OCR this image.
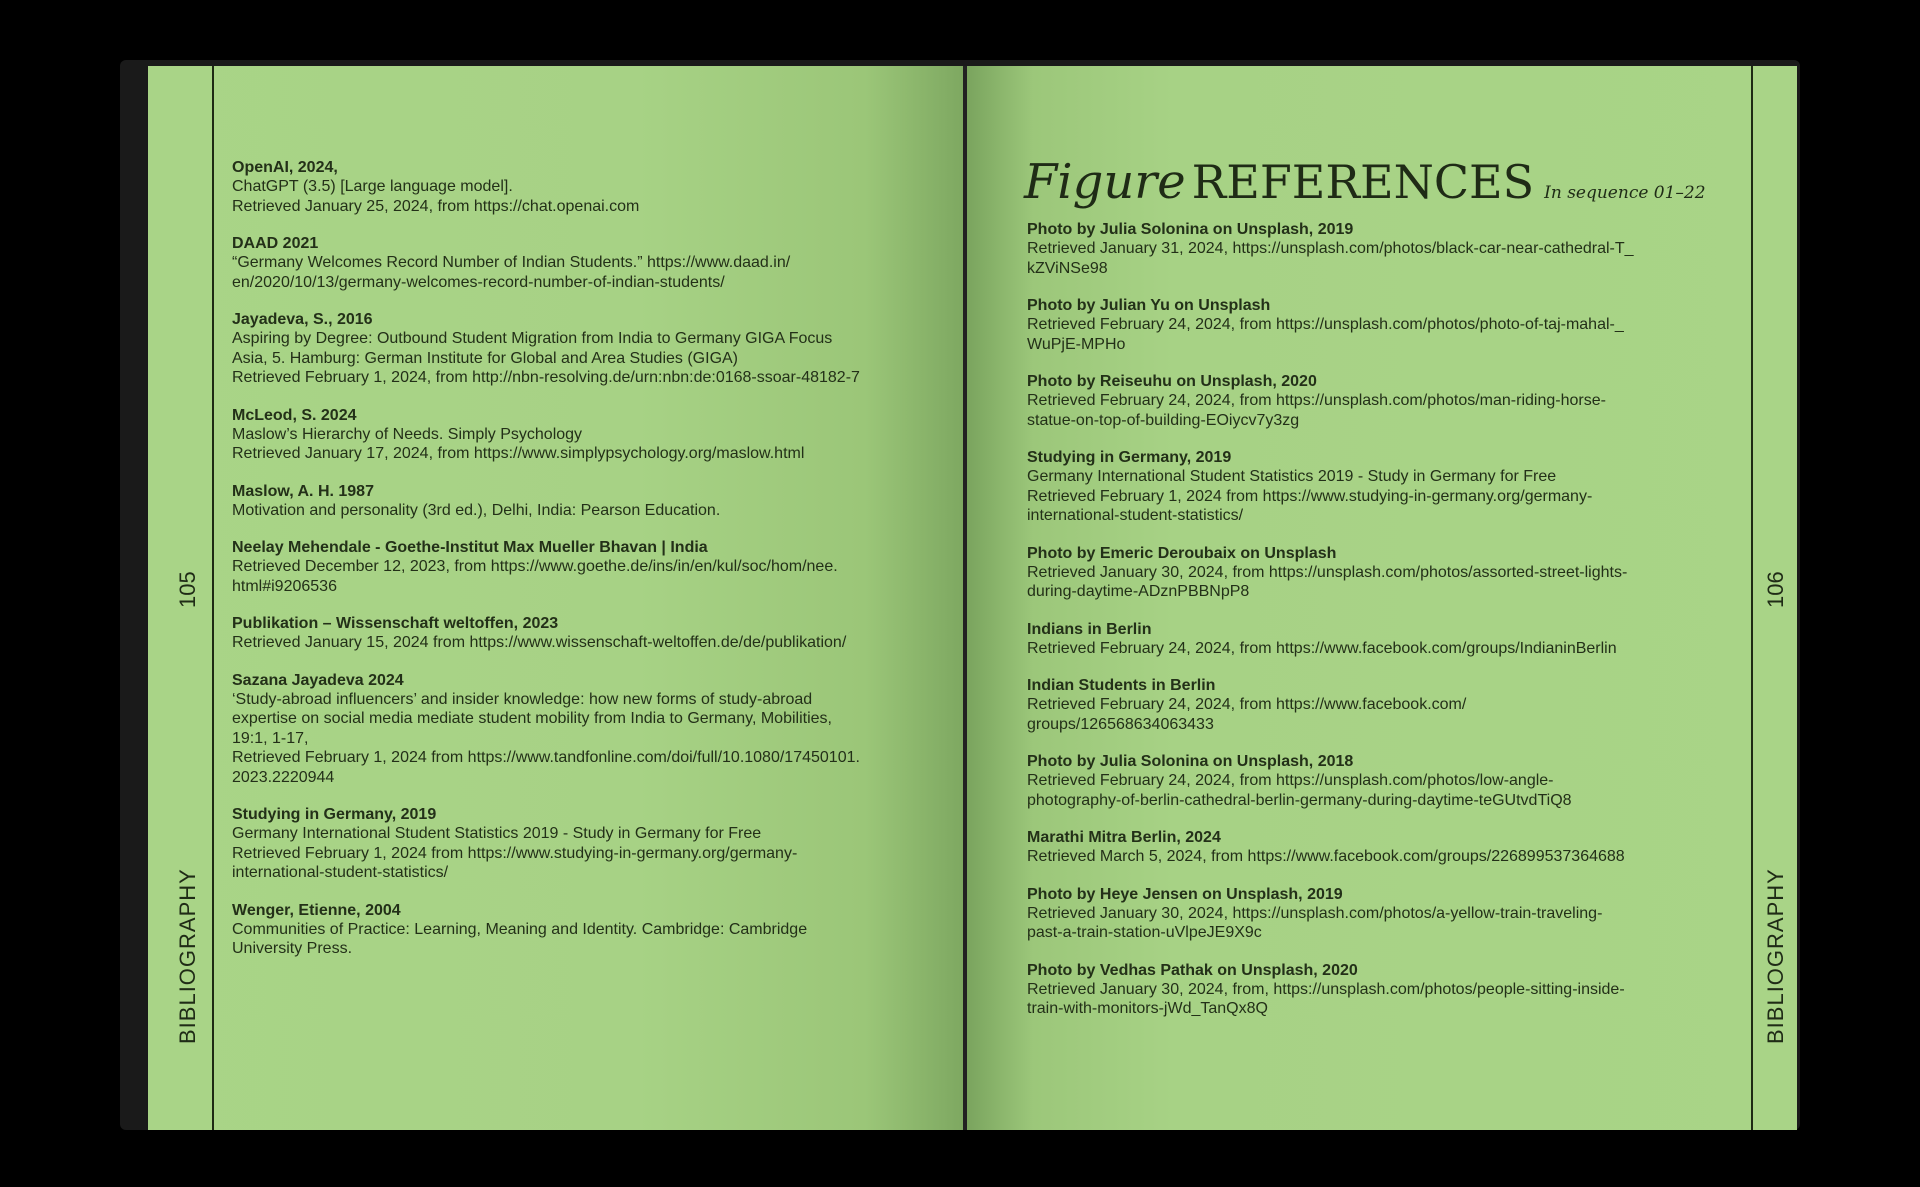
105
BIBLIOGRAPHY
OpenAI, 2024,
ChatGPT (3.5) [Large language model].
Retrieved January 25, 2024, from https://chat.openai.com
DAAD 2021
“Germany Welcomes Record Number of Indian Students.” https://www.daad.in/
en/2020/10/13/germany-welcomes-record-number-of-indian-students/
Jayadeva, S., 2016
Aspiring by Degree: Outbound Student Migration from India to Germany GIGA Focus
Asia, 5. Hamburg: German Institute for Global and Area Studies (GIGA)
Retrieved February 1, 2024, from http://nbn-resolving.de/urn:nbn:de:0168-ssoar-48182-7
McLeod, S. 2024
Maslow’s Hierarchy of Needs. Simply Psychology
Retrieved January 17, 2024, from https://www.simplypsychology.org/maslow.html
Maslow, A. H. 1987
Motivation and personality (3rd ed.), Delhi, India: Pearson Education.
Neelay Mehendale - Goethe-Institut Max Mueller Bhavan | India
Retrieved December 12, 2023, from https://www.goethe.de/ins/in/en/kul/soc/hom/nee.
html#i9206536
Publikation – Wissenschaft weltoffen, 2023
Retrieved January 15, 2024 from https://www.wissenschaft-weltoffen.de/de/publikation/
Sazana Jayadeva 2024
‘Study-abroad influencers’ and insider knowledge: how new forms of study-abroad
expertise on social media mediate student mobility from India to Germany, Mobilities,
19:1, 1-17,
Retrieved February 1, 2024 from https://www.tandfonline.com/doi/full/10.1080/17450101.
2023.2220944
Studying in Germany, 2019
Germany International Student Statistics 2019 - Study in Germany for Free
Retrieved February 1, 2024 from https://www.studying-in-germany.org/germany-
international-student-statistics/
Wenger, Etienne, 2004
Communities of Practice: Learning, Meaning and Identity. Cambridge: Cambridge
University Press.
106
BIBLIOGRAPHY
Figure REFERENCES In sequence 01–22
Photo by Julia Solonina on Unsplash, 2019
Retrieved January 31, 2024, https://unsplash.com/photos/black-car-near-cathedral-T_
kZViNSe98
Photo by Julian Yu on Unsplash
Retrieved February 24, 2024, from https://unsplash.com/photos/photo-of-taj-mahal-_
WuPjE-MPHo
Photo by Reiseuhu on Unsplash, 2020
Retrieved February 24, 2024, from https://unsplash.com/photos/man-riding-horse-
statue-on-top-of-building-EOiycv7y3zg
Studying in Germany, 2019
Germany International Student Statistics 2019 - Study in Germany for Free
Retrieved February 1, 2024 from https://www.studying-in-germany.org/germany-
international-student-statistics/
Photo by Emeric Deroubaix on Unsplash
Retrieved January 30, 2024, from https://unsplash.com/photos/assorted-street-lights-
during-daytime-ADznPBBNpP8
Indians in Berlin
Retrieved February 24, 2024, from https://www.facebook.com/groups/IndianinBerlin
Indian Students in Berlin
Retrieved February 24, 2024, from https://www.facebook.com/
groups/126568634063433
Photo by Julia Solonina on Unsplash, 2018
Retrieved February 24, 2024, from https://unsplash.com/photos/low-angle-
photography-of-berlin-cathedral-berlin-germany-during-daytime-teGUtvdTiQ8
Marathi Mitra Berlin, 2024
Retrieved March 5, 2024, from https://www.facebook.com/groups/226899537364688
Photo by Heye Jensen on Unsplash, 2019
Retrieved January 30, 2024, https://unsplash.com/photos/a-yellow-train-traveling-
past-a-train-station-uVlpeJE9X9c
Photo by Vedhas Pathak on Unsplash, 2020
Retrieved January 30, 2024, from, https://unsplash.com/photos/people-sitting-inside-
train-with-monitors-jWd_TanQx8Q
